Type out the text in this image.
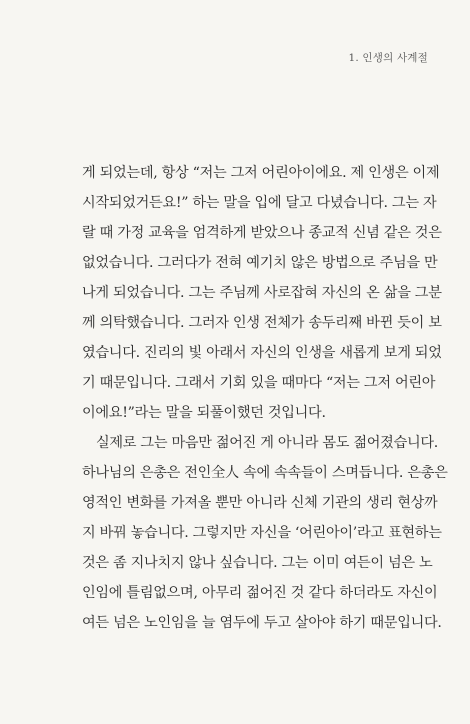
1. 인생의 사계절
게 되었는데, 항상 “저는 그저 어린아이에요. 제 인생은 이제
시작되었거든요!” 하는 말을 입에 달고 다녔습니다. 그는 자
랄 때 가정 교육을 엄격하게 받았으나 종교적 신념 같은 것은
없었습니다. 그러다가 전혀 예기치 않은 방법으로 주님을 만
나게 되었습니다. 그는 주님께 사로잡혀 자신의 온 삶을 그분
께 의탁했습니다. 그러자 인생 전체가 송두리째 바뀐 듯이 보
였습니다. 진리의 빛 아래서 자신의 인생을 새롭게 보게 되었
기 때문입니다. 그래서 기회 있을 때마다 “저는 그저 어린아
이에요!”라는 말을 되풀이했던 것입니다.
실제로 그는 마음만 젊어진 게 아니라 몸도 젊어졌습니다.
하나님의 은총은 전인全人 속에 속속들이 스며듭니다. 은총은
영적인 변화를 가져올 뿐만 아니라 신체 기관의 생리 현상까
지 바꿔 놓습니다. 그렇지만 자신을 ‘어린아이’라고 표현하는
것은 좀 지나치지 않나 싶습니다. 그는 이미 여든이 넘은 노
인임에 틀림없으며, 아무리 젊어진 것 같다 하더라도 자신이
여든 넘은 노인임을 늘 염두에 두고 살아야 하기 때문입니다.
